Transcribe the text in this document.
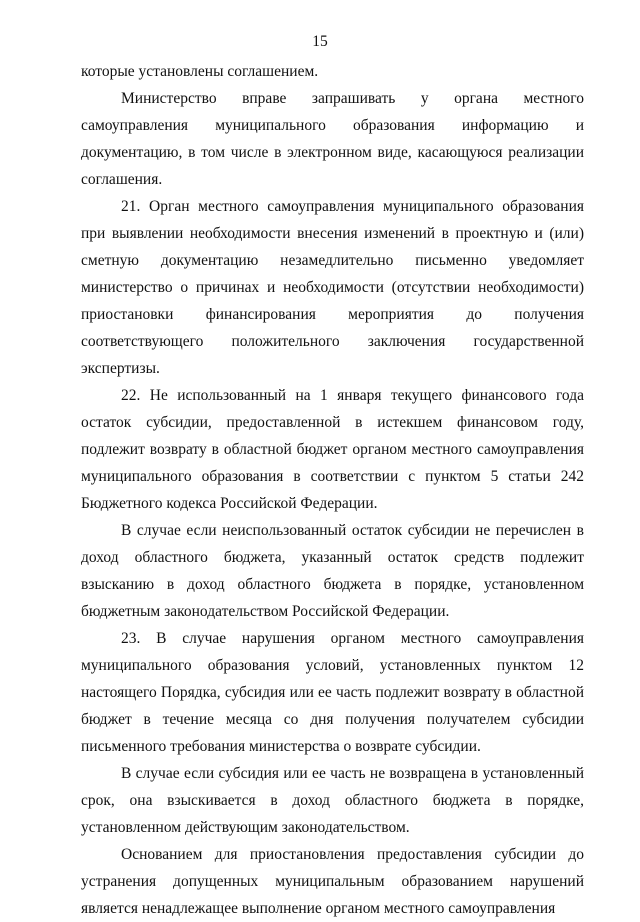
15

которые установлены соглашением.

Министерство вправе запрашивать у органа местного самоуправления муниципального образования информацию и документацию, в том числе в электронном виде, касающуюся реализации соглашения.

21. Орган местного самоуправления муниципального образования при выявлении необходимости внесения изменений в проектную и (или) сметную документацию незамедлительно письменно уведомляет министерство о причинах и необходимости (отсутствии необходимости) приостановки финансирования мероприятия до получения соответствующего положительного заключения государственной экспертизы.

22. Не использованный на 1 января текущего финансового года остаток субсидии, предоставленной в истекшем финансовом году, подлежит возврату в областной бюджет органом местного самоуправления муниципального образования в соответствии с пунктом 5 статьи 242 Бюджетного кодекса Российской Федерации.

В случае если неиспользованный остаток субсидии не перечислен в доход областного бюджета, указанный остаток средств подлежит взысканию в доход областного бюджета в порядке, установленном бюджетным законодательством Российской Федерации.

23. В случае нарушения органом местного самоуправления муниципального образования условий, установленных пунктом 12 настоящего Порядка, субсидия или ее часть подлежит возврату в областной бюджет в течение месяца со дня получения получателем субсидии письменного требования министерства о возврате субсидии.

В случае если субсидия или ее часть не возвращена в установленный срок, она взыскивается в доход областного бюджета в порядке, установленном действующим законодательством.

Основанием для приостановления предоставления субсидии до устранения допущенных муниципальным образованием нарушений является ненадлежащее выполнение органом местного самоуправления
